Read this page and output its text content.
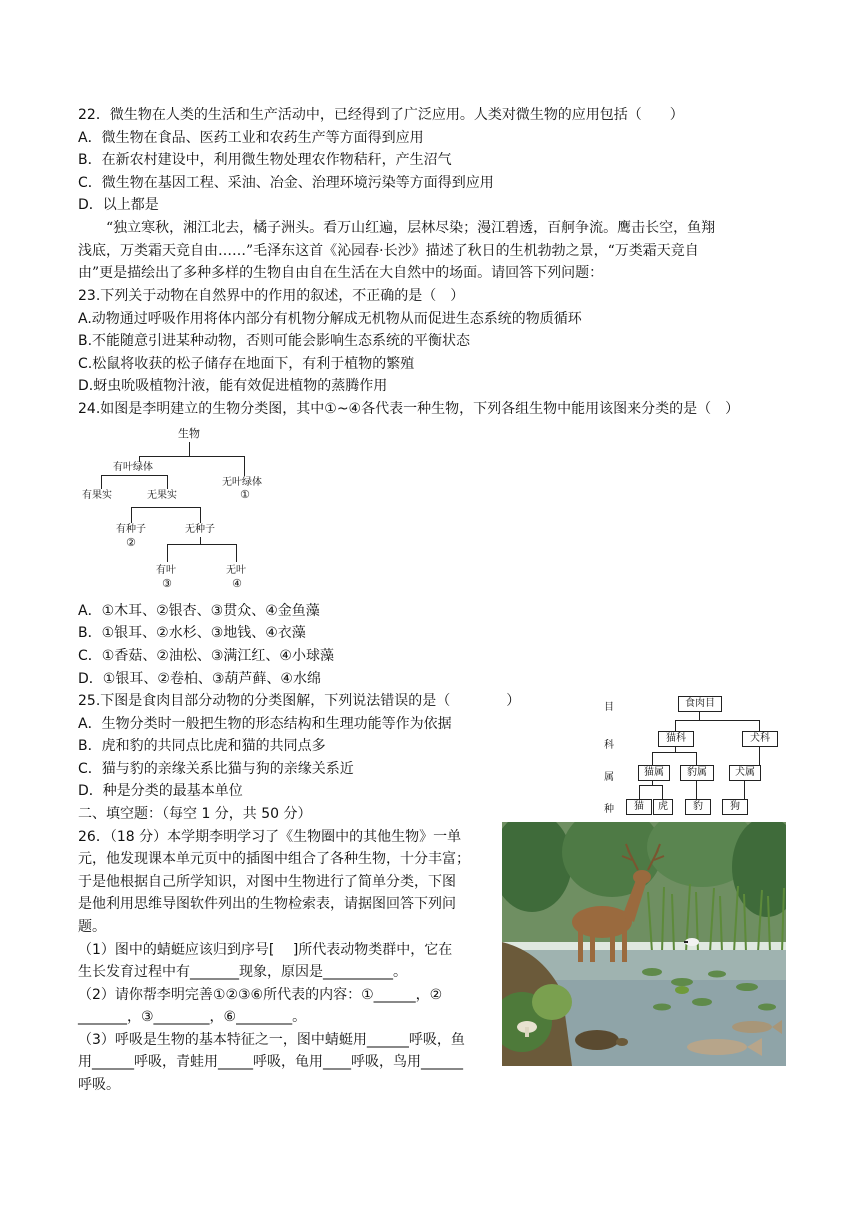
22．微生物在人类的生活和生产活动中，已经得到了广泛应用。人类对微生物的应用包括（　　）
A．微生物在食品、医药工业和农药生产等方面得到应用
B．在新农村建设中，利用微生物处理农作物秸秆，产生沼气
C．微生物在基因工程、采油、冶金、治理环境污染等方面得到应用
D．以上都是
“独立寒秋，湘江北去，橘子洲头。看万山红遍，层林尽染；漫江碧透，百舸争流。鹰击长空，鱼翔
浅底，万类霜天竞自由……”毛泽东这首《沁园春·长沙》描述了秋日的生机勃勃之景，“万类霜天竞自
由”更是描绘出了多种多样的生物自由自在生活在大自然中的场面。请回答下列问题：
23.下列关于动物在自然界中的作用的叙述，不正确的是（　）
A.动物通过呼吸作用将体内部分有机物分解成无机物从而促进生态系统的物质循环
B.不能随意引进某种动物，否则可能会影响生态系统的平衡状态
C.松鼠将收获的松子储存在地面下，有利于植物的繁殖
D.蚜虫吮吸植物汁液，能有效促进植物的蒸腾作用
24.如图是李明建立的生物分类图，其中①~④各代表一种生物，下列各组生物中能用该图来分类的是（　）
生物
有叶绿体
无叶绿体
①
有果实	无果实
有种子
②
无种子
有叶
③
无叶
④
A．①木耳、②银杏、③贯众、④金鱼藻
B．①银耳、②水杉、③地钱、④衣藻
C．①香菇、②油松、③满江红、④小球藻
D．①银耳、②卷柏、③葫芦藓、④水绵
25.下图是食肉目部分动物的分类图解，下列说法错误的是（　　　　）
A．生物分类时一般把生物的形态结构和生理功能等作为依据
B．虎和豹的共同点比虎和猫的共同点多
C．猫与豹的亲缘关系比猫与狗的亲缘关系近
D．种是分类的最基本单位
目
科
属
种
食肉目
猫科	犬科
猫属	豹属	犬属
猫	虎	豹	狗
二、填空题：（每空 1 分，共 50 分）
26．（18 分）本学期李明学习了《生物圈中的其他生物》一单
元，他发现课本单元页中的插图中组合了各种生物，十分丰富；
于是他根据自己所学知识，对图中生物进行了简单分类，下图
是他利用思维导图软件列出的生物检索表，请据图回答下列问
题。
（1）图中的蜻蜓应该归到序号[　 ]所代表动物类群中，它在
生长发育过程中有_______现象，原因是__________。
（2）请你帮李明完善①②③⑥所代表的内容：①______，②
_______，③________，⑥________。
（3）呼吸是生物的基本特征之一，图中蜻蜓用______呼吸，鱼
用______呼吸，青蛙用_____呼吸，龟用____呼吸，鸟用______
呼吸。
